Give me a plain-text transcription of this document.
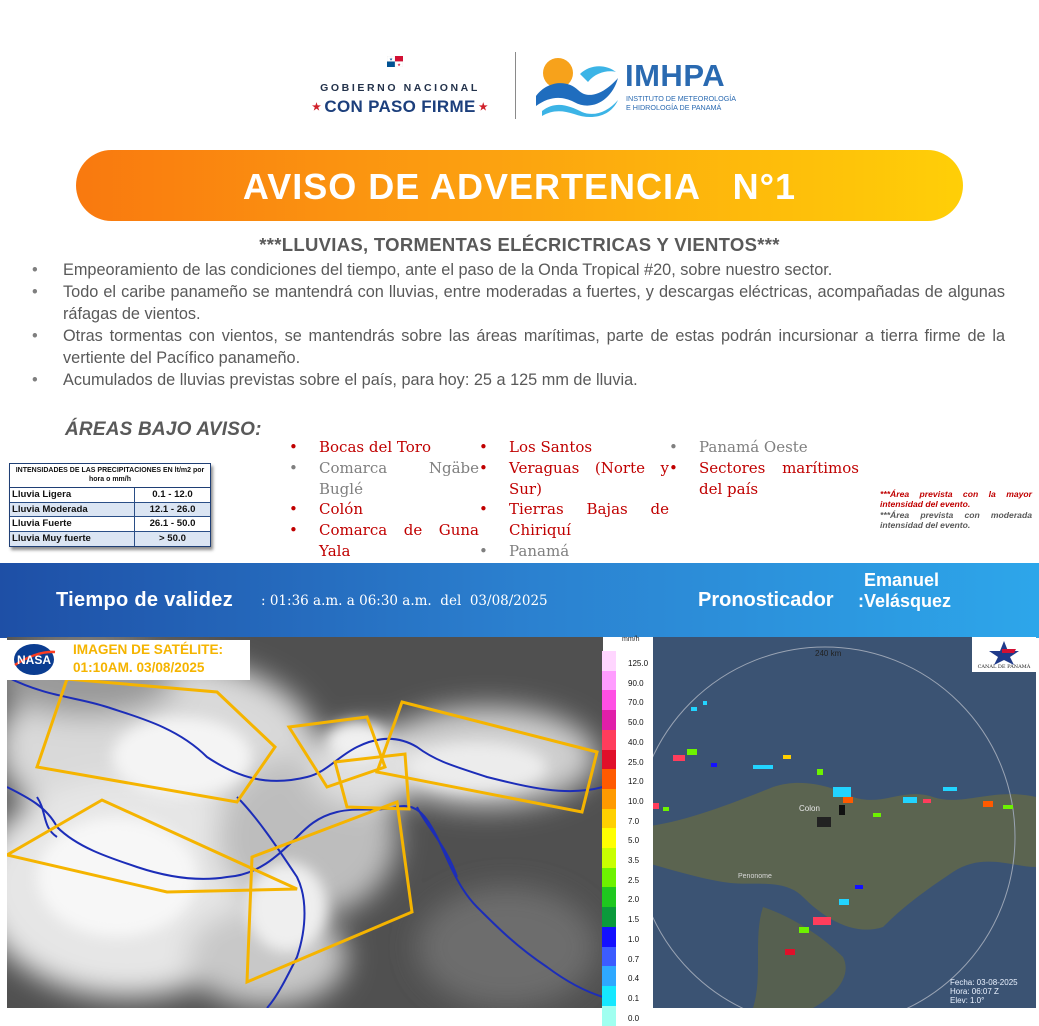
★
★
GOBIERNO NACIONAL
★ CON PASO FIRME ★
IMHPA
INSTITUTO DE METEOROLOGÍA
E HIDROLOGÍA DE PANAMÁ
AVISO DE ADVERTENCIA   N°1
***LLUVIAS, TORMENTAS ELÉCRICTRICAS Y VIENTOS***
• Empeoramiento de las condiciones del tiempo, ante el paso de la Onda Tropical #20, sobre nuestro sector.
• Todo el caribe panameño se mantendrá con lluvias, entre moderadas a fuertes, y descargas eléctricas, acompañadas de algunas ráfagas de vientos.
• Otras tormentas con vientos, se mantendrás sobre las áreas marítimas, parte de estas podrán incursionar a tierra firme de la vertiente del Pacífico panameño.
• Acumulados de lluvias previstas sobre el país, para hoy: 25 a 125 mm de lluvia.
ÁREAS BAJO AVISO:
• Bocas del Toro
• Comarca Ngäbe Buglé
• Colón
• Comarca de Guna Yala
• Los Santos
• Veraguas (Norte y Sur)
• Tierras Bajas de Chiriquí
• Panamá
• Panamá Oeste
• Sectores marítimos del país
INTENSIDADES DE LAS PRECIPITACIONES EN lt/m2 por hora o mm/h
Lluvia Ligera	0.1 - 12.0
Lluvia Moderada	12.1 - 26.0
Lluvia Fuerte	26.1 - 50.0
Lluvia Muy fuerte	> 50.0
***Área prevista con la mayor intensidad del evento.
***Área prevista con moderada intensidad del evento.
Tiempo de validez : 01:36 a.m. a 06:30 a.m.  del  03/08/2025	Pronosticador
Emanuel
:Velásquez
NASA
IMAGEN DE SATÉLITE:
01:10AM. 03/08/2025
mm/h
125.0
90.0
70.0
50.0
40.0
25.0
12.0
10.0
7.0
5.0
3.5
2.5
2.0
1.5
1.0
0.7
0.4
0.1
0.0
240 km
Colon
Penonome
CANAL DE PANAMÁ
Fecha: 03-08-2025
Hora: 06:07 Z
Elev: 1.0°
